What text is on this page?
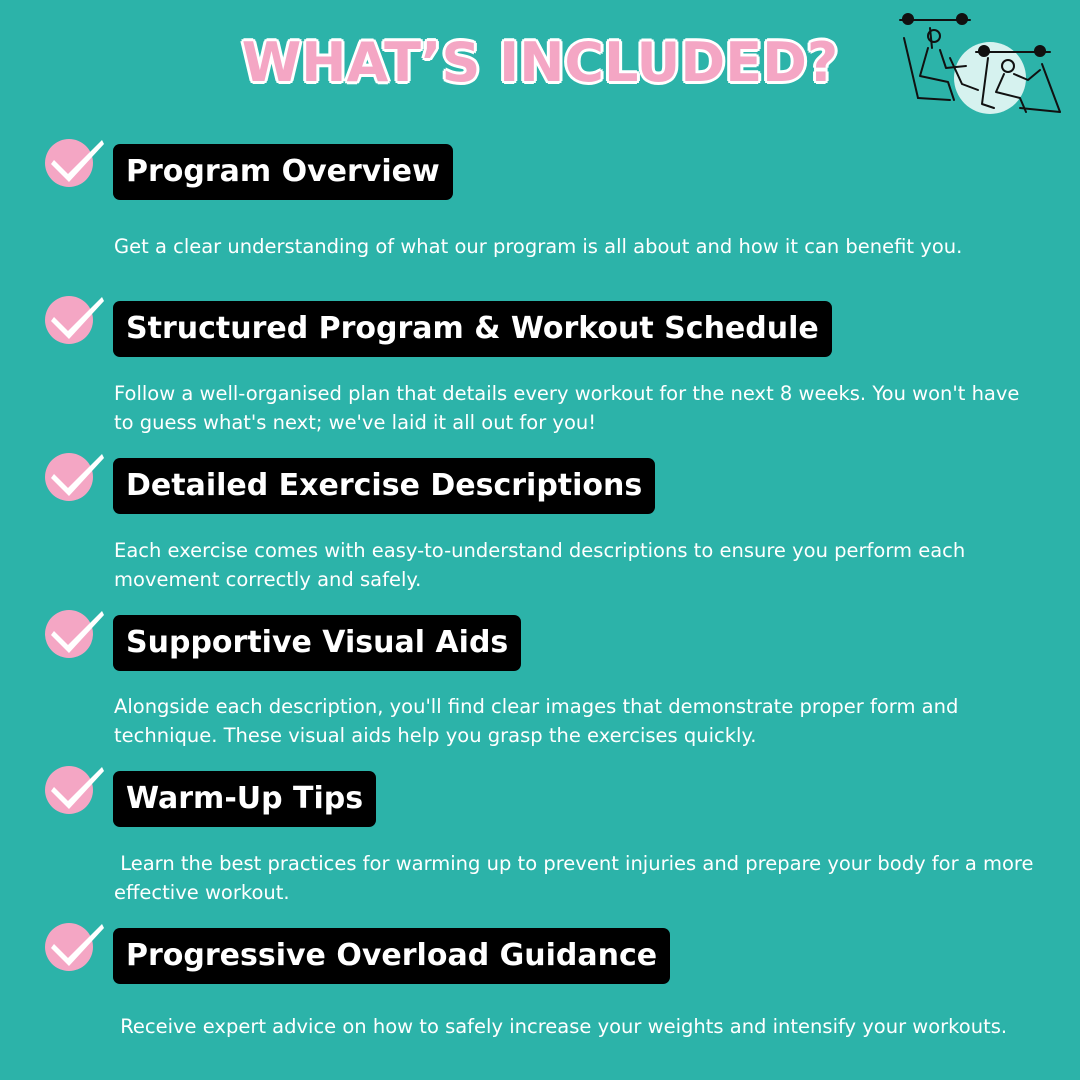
WHAT’S INCLUDED?
Program Overview

Get a clear understanding of what our program is all about and how it can benefit you.

Structured Program & Workout Schedule

Follow a well-organised plan that details every workout for the next 8 weeks. You won't have to guess what's next; we've laid it all out for you!

Detailed Exercise Descriptions

Each exercise comes with easy-to-understand descriptions to ensure you perform each movement correctly and safely.

Supportive Visual Aids

Alongside each description, you'll find clear images that demonstrate proper form and technique. These visual aids help you grasp the exercises quickly.

Warm-Up Tips

Learn the best practices for warming up to prevent injuries and prepare your body for a more effective workout.

Progressive Overload Guidance

Receive expert advice on how to safely increase your weights and intensify your workouts.
